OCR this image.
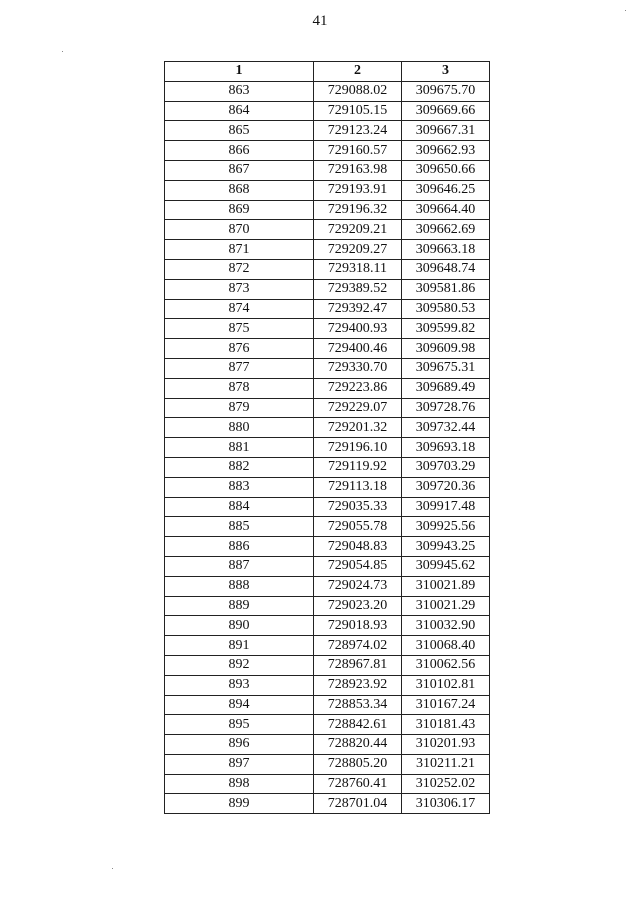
41
1	2	3
863	729088.02	309675.70
864	729105.15	309669.66
865	729123.24	309667.31
866	729160.57	309662.93
867	729163.98	309650.66
868	729193.91	309646.25
869	729196.32	309664.40
870	729209.21	309662.69
871	729209.27	309663.18
872	729318.11	309648.74
873	729389.52	309581.86
874	729392.47	309580.53
875	729400.93	309599.82
876	729400.46	309609.98
877	729330.70	309675.31
878	729223.86	309689.49
879	729229.07	309728.76
880	729201.32	309732.44
881	729196.10	309693.18
882	729119.92	309703.29
883	729113.18	309720.36
884	729035.33	309917.48
885	729055.78	309925.56
886	729048.83	309943.25
887	729054.85	309945.62
888	729024.73	310021.89
889	729023.20	310021.29
890	729018.93	310032.90
891	728974.02	310068.40
892	728967.81	310062.56
893	728923.92	310102.81
894	728853.34	310167.24
895	728842.61	310181.43
896	728820.44	310201.93
897	728805.20	310211.21
898	728760.41	310252.02
899	728701.04	310306.17
